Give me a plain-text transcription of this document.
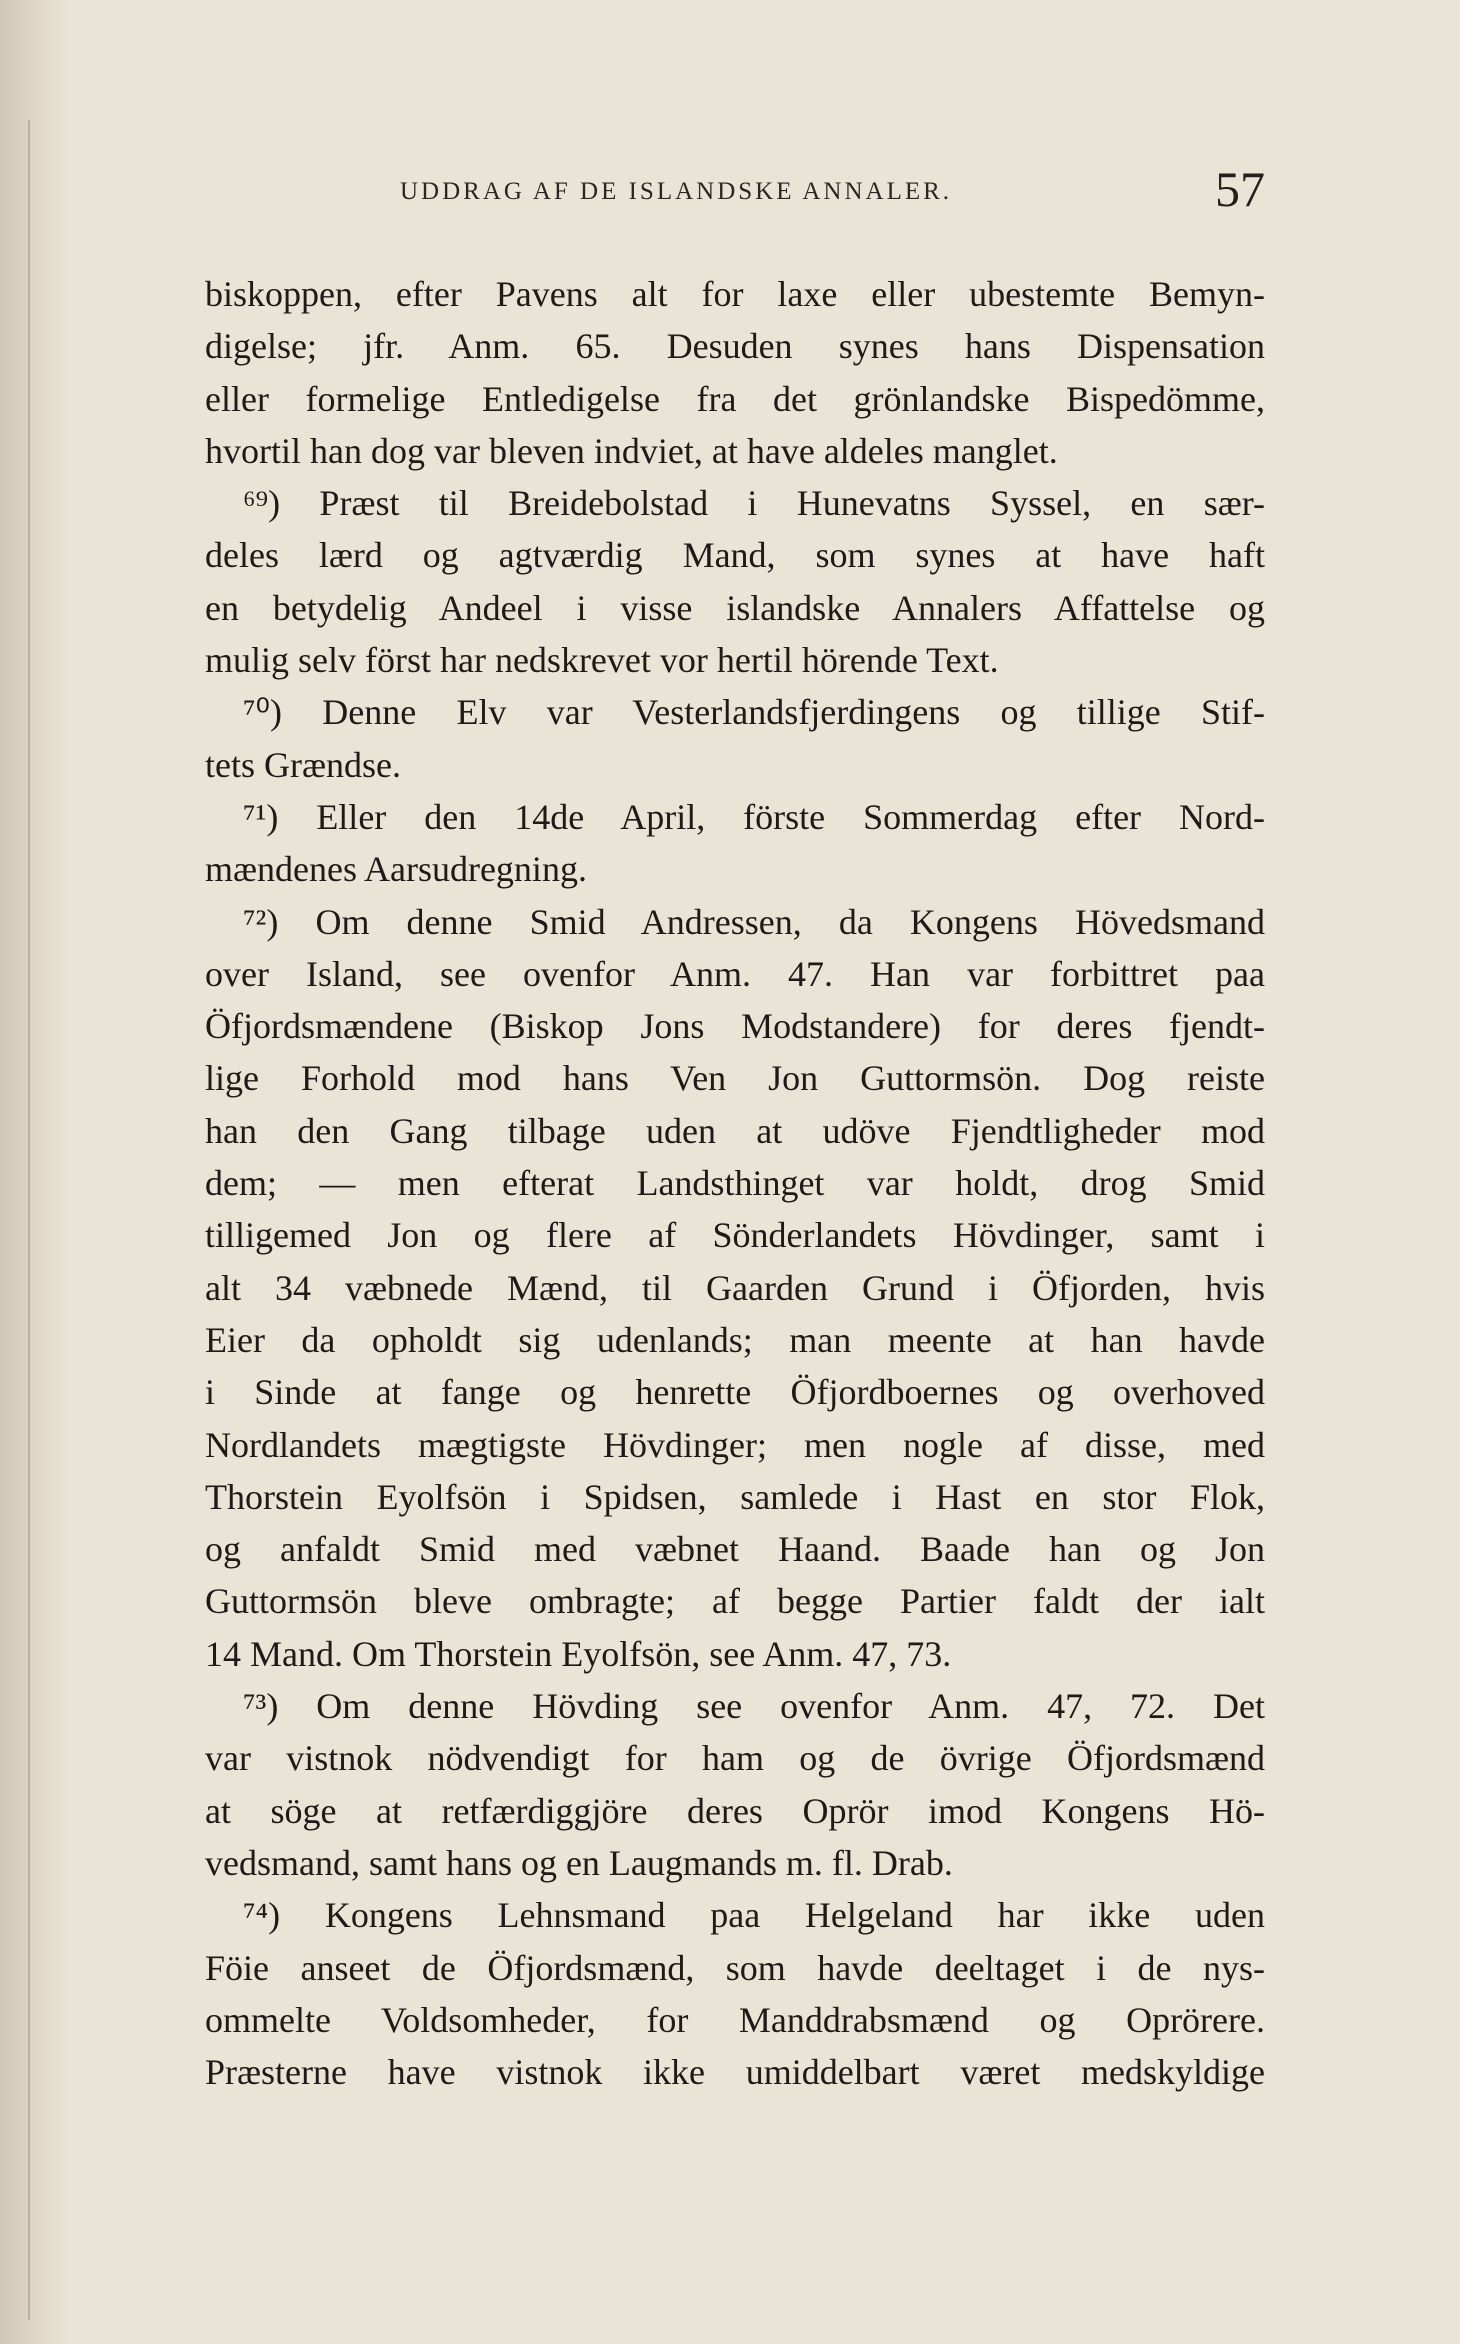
UDDRAG AF DE ISLANDSKE ANNALER.	57
biskoppen, efter Pavens alt for laxe eller ubestemte Bemyn-
digelse; jfr. Anm. 65. Desuden synes hans Dispensation
eller formelige Entledigelse fra det grönlandske Bispedömme,
hvortil han dog var bleven indviet, at have aldeles manglet.
⁶⁹) Præst til Breidebolstad i Hunevatns Syssel, en sær-
deles lærd og agtværdig Mand, som synes at have haft
en betydelig Andeel i visse islandske Annalers Affattelse og
mulig selv först har nedskrevet vor hertil hörende Text.
⁷⁰) Denne Elv var Vesterlandsfjerdingens og tillige Stif-
tets Grændse.
⁷¹) Eller den 14de April, förste Sommerdag efter Nord-
mændenes Aarsudregning.
⁷²) Om denne Smid Andressen, da Kongens Hövedsmand
over Island, see ovenfor Anm. 47. Han var forbittret paa
Öfjordsmændene (Biskop Jons Modstandere) for deres fjendt-
lige Forhold mod hans Ven Jon Guttormsön. Dog reiste
han den Gang tilbage uden at udöve Fjendtligheder mod
dem; — men efterat Landsthinget var holdt, drog Smid
tilligemed Jon og flere af Sönderlandets Hövdinger, samt i
alt 34 væbnede Mænd, til Gaarden Grund i Öfjorden, hvis
Eier da opholdt sig udenlands; man meente at han havde
i Sinde at fange og henrette Öfjordboernes og overhoved
Nordlandets mægtigste Hövdinger; men nogle af disse, med
Thorstein Eyolfsön i Spidsen, samlede i Hast en stor Flok,
og anfaldt Smid med væbnet Haand. Baade han og Jon
Guttormsön bleve ombragte; af begge Partier faldt der ialt
14 Mand. Om Thorstein Eyolfsön, see Anm. 47, 73.
⁷³) Om denne Hövding see ovenfor Anm. 47, 72. Det
var vistnok nödvendigt for ham og de övrige Öfjordsmænd
at söge at retfærdiggjöre deres Oprör imod Kongens Hö-
vedsmand, samt hans og en Laugmands m. fl. Drab.
⁷⁴) Kongens Lehnsmand paa Helgeland har ikke uden
Föie anseet de Öfjordsmænd, som havde deeltaget i de nys-
ommelte Voldsomheder, for Manddrabsmænd og Oprörere.
Præsterne have vistnok ikke umiddelbart været medskyldige
